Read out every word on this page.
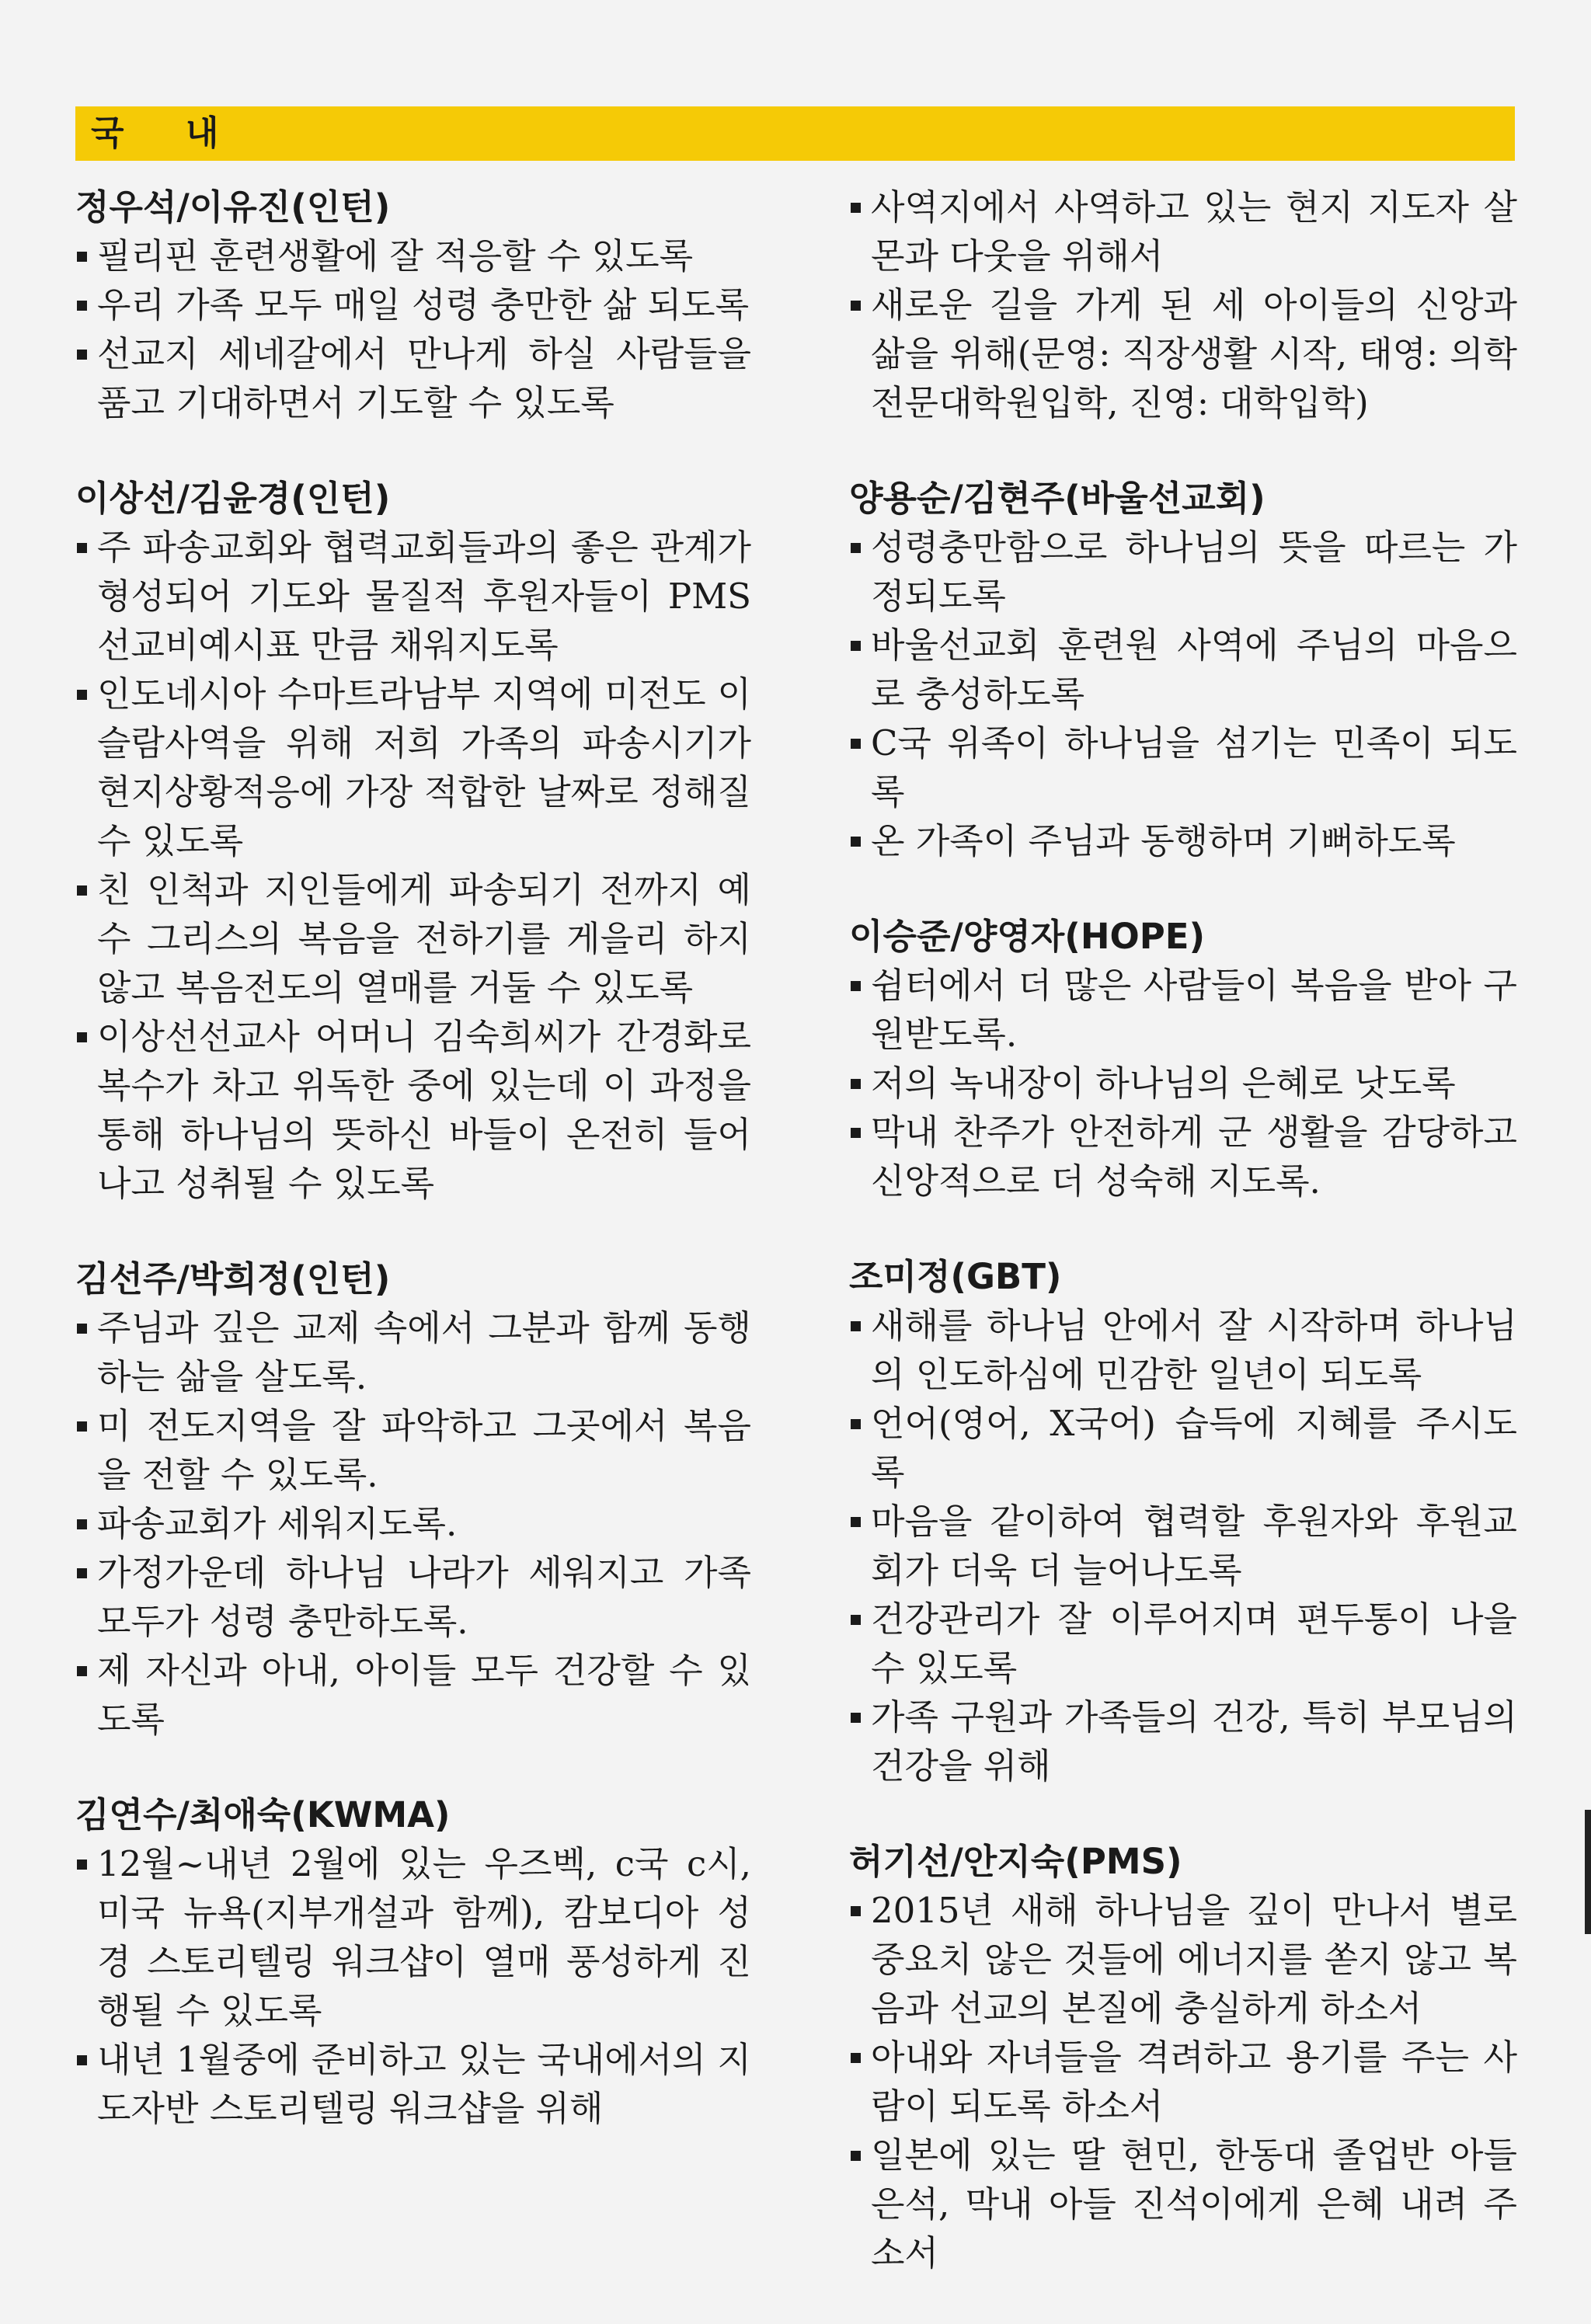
국 내
정우석/이유진(인턴)
필리핀 훈련생활에 잘 적응할 수 있도록
우리 가족 모두 매일 성령 충만한 삶 되도록
선교지 세네갈에서 만나게 하실 사람들을 품고 기대하면서 기도할 수 있도록
이상선/김윤경(인턴)
주 파송교회와 협력교회들과의 좋은 관계가 형성되어 기도와 물질적 후원자들이 PMS선교비예시표 만큼 채워지도록
인도네시아 수마트라남부 지역에 미전도 이슬람사역을 위해 저희 가족의 파송시기가 현지상황적응에 가장 적합한 날짜로 정해질 수 있도록
친 인척과 지인들에게 파송되기 전까지 예수 그리스의 복음을 전하기를 게을리 하지않고 복음전도의 열매를 거둘 수 있도록
이상선선교사 어머니 김숙희씨가 간경화로 복수가 차고 위독한 중에 있는데 이 과정을 통해 하나님의 뜻하신 바들이 온전히 들어나고 성취될 수 있도록
김선주/박희정(인턴)
주님과 깊은 교제 속에서 그분과 함께 동행 하는 삶을 살도록.
미 전도지역을 잘 파악하고 그곳에서 복음을 전할 수 있도록.
파송교회가 세워지도록.
가정가운데 하나님 나라가 세워지고 가족 모두가 성령 충만하도록.
제 자신과 아내, 아이들 모두 건강할 수 있도록
김연수/최애숙(KWMA)
12월~내년 2월에 있는 우즈벡, c국 c시, 미국 뉴욕(지부개설과 함께), 캄보디아 성경 스토리텔링 워크샵이 열매 풍성하게 진행될 수 있도록
내년 1월중에 준비하고 있는 국내에서의 지도자반 스토리텔링 워크샵을 위해
사역지에서 사역하고 있는 현지 지도자 살몬과 다웃을 위해서
새로운 길을 가게 된 세 아이들의 신앙과 삶을 위해(문영: 직장생활 시작, 태영: 의학전문대학원입학, 진영: 대학입학)
양용순/김현주(바울선교회)
성령충만함으로 하나님의 뜻을 따르는 가정되도록
바울선교회 훈련원 사역에 주님의 마음으로 충성하도록
C국 위족이 하나님을 섬기는 민족이 되도록
온 가족이 주님과 동행하며 기뻐하도록
이승준/양영자(HOPE)
쉼터에서 더 많은 사람들이 복음을 받아 구원받도록.
저의 녹내장이 하나님의 은혜로 낫도록
막내 찬주가 안전하게 군 생활을 감당하고 신앙적으로 더 성숙해 지도록.
조미정(GBT)
새해를 하나님 안에서 잘 시작하며 하나님의 인도하심에 민감한 일년이 되도록
언어(영어, X국어) 습득에 지혜를 주시도록
마음을 같이하여 협력할 후원자와 후원교회가 더욱 더 늘어나도록
건강관리가 잘 이루어지며 편두통이 나을 수 있도록
가족 구원과 가족들의 건강, 특히 부모님의 건강을 위해
허기선/안지숙(PMS)
2015년 새해 하나님을 깊이 만나서 별로 중요치 않은 것들에 에너지를 쏟지 않고 복음과 선교의 본질에 충실하게 하소서
아내와 자녀들을 격려하고 용기를 주는 사람이 되도록 하소서
일본에 있는 딸 현민, 한동대 졸업반 아들 은석, 막내 아들 진석이에게 은혜 내려 주소서
